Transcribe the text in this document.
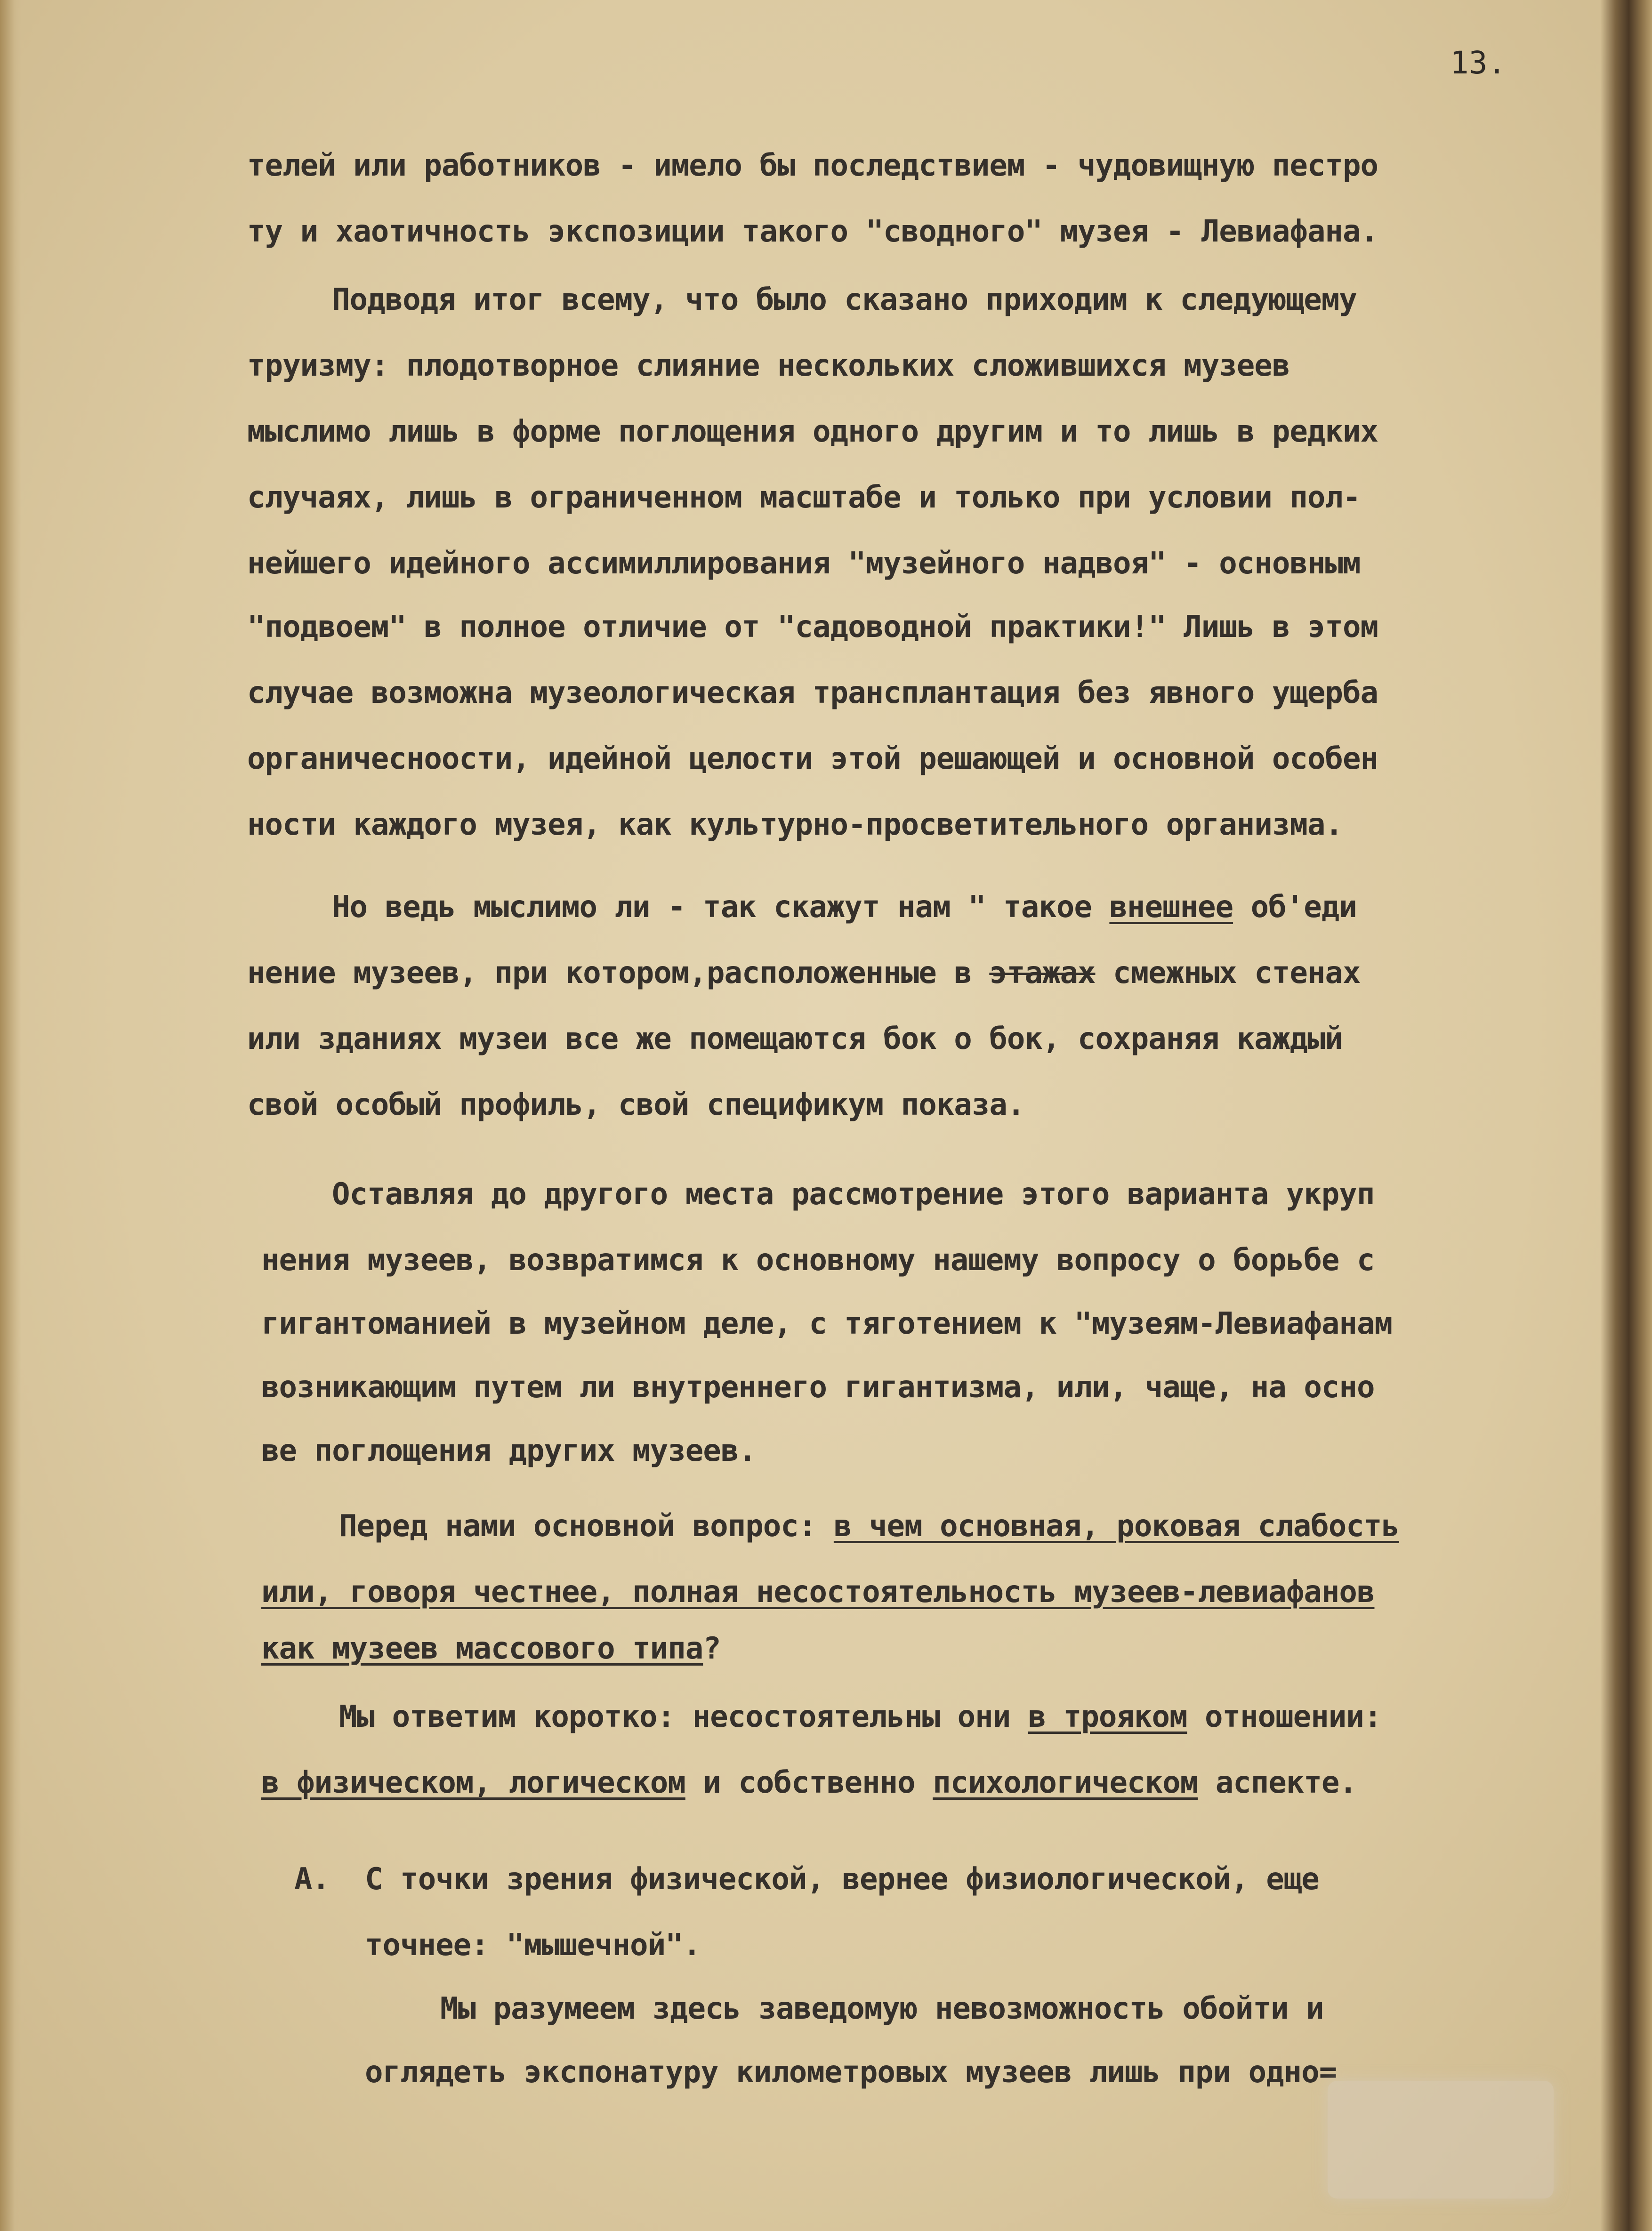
13.
телей или работников - имело бы последствием - чудовищную пестро
ту и хаотичность экспозиции такого "сводного" музея - Левиафана.
Подводя итог всему, что было сказано приходим к следующему
труизму: плодотворное слияние нескольких сложившихся музеев
мыслимо лишь в форме поглощения одного другим и то лишь в редких
случаях, лишь в ограниченном масштабе и только при условии пол-
нейшего идейного ассимиллирования "музейного надвоя" - основным
"подвоем" в полное отличие от "садоводной практики!" Лишь в этом
случае возможна музеологическая трансплантация без явного ущерба
органичесноости, идейной целости этой решающей и основной особен
ности каждого музея, как культурно-просветительного организма.
Но ведь мыслимо ли - так скажут нам " такое внешнее об'еди
нение музеев, при котором,расположенные в этажах смежных стенах
или зданиях музеи все же помещаются бок о бок, сохраняя каждый
свой особый профиль, свой спецификум показа.
Оставляя до другого места рассмотрение этого варианта укруп
нения музеев, возвратимся к основному нашему вопросу о борьбе с
гигантоманией в музейном деле, с тяготением к "музеям-Левиафанам
возникающим путем ли внутреннего гигантизма, или, чаще, на осно
ве поглощения других музеев.
Перед нами основной вопрос: в чем основная, роковая слабость
или, говоря честнее, полная несостоятельность музеев-левиафанов
как музеев массового типа?
Мы ответим коротко: несостоятельны они в трояком отношении:
в физическом, логическом и собственно психологическом аспекте.
А.  С точки зрения физической, вернее физиологической, еще
точнее: "мышечной".
Мы разумеем здесь заведомую невозможность обойти и
оглядеть экспонатуру километровых музеев лишь при одно=
